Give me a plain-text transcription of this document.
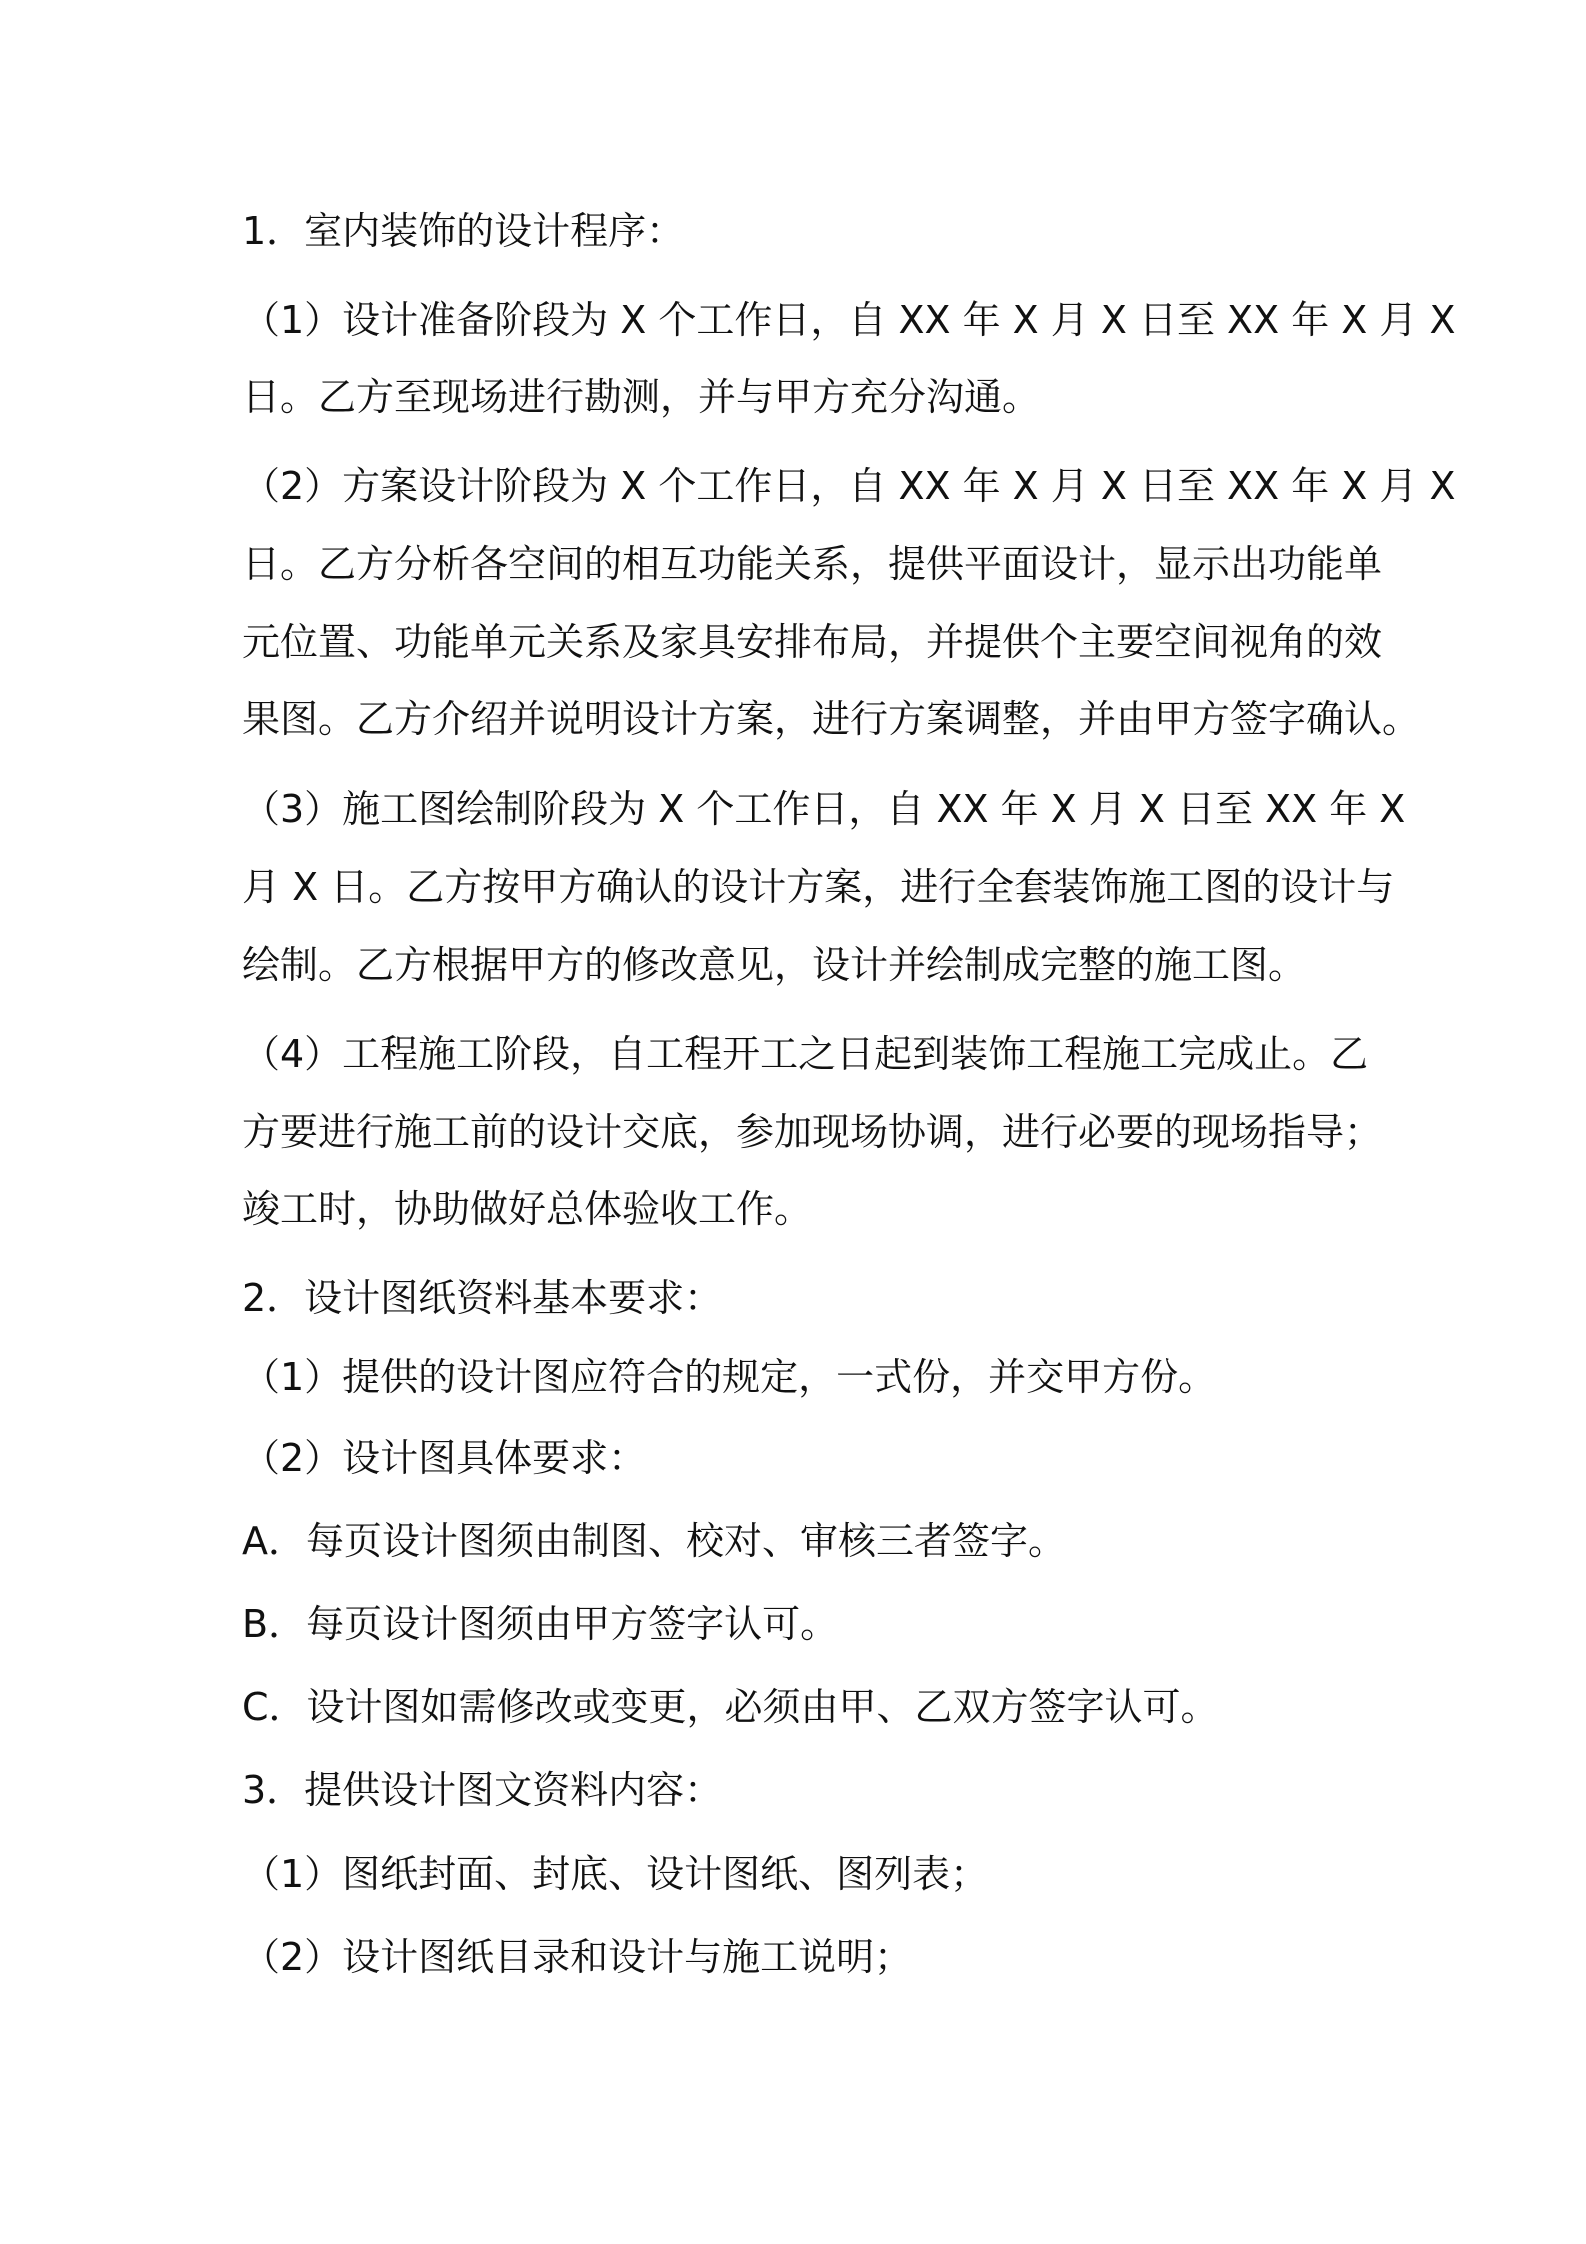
1．室内装饰的设计程序：
（1）设计准备阶段为 X 个工作日，自 XX 年 X 月 X 日至 XX 年 X 月 X
日。乙方至现场进行勘测，并与甲方充分沟通。
（2）方案设计阶段为 X 个工作日，自 XX 年 X 月 X 日至 XX 年 X 月 X
日。乙方分析各空间的相互功能关系，提供平面设计，显示出功能单
元位置、功能单元关系及家具安排布局，并提供个主要空间视角的效
果图。乙方介绍并说明设计方案，进行方案调整，并由甲方签字确认。
（3）施工图绘制阶段为 X 个工作日，自 XX 年 X 月 X 日至 XX 年 X
月 X 日。乙方按甲方确认的设计方案，进行全套装饰施工图的设计与
绘制。乙方根据甲方的修改意见，设计并绘制成完整的施工图。
（4）工程施工阶段，自工程开工之日起到装饰工程施工完成止。乙
方要进行施工前的设计交底，参加现场协调，进行必要的现场指导；
竣工时，协助做好总体验收工作。
2．设计图纸资料基本要求：
（1）提供的设计图应符合的规定，一式份，并交甲方份。
（2）设计图具体要求：
A．每页设计图须由制图、校对、审核三者签字。
B．每页设计图须由甲方签字认可。
C．设计图如需修改或变更，必须由甲、乙双方签字认可。
3．提供设计图文资料内容：
（1）图纸封面、封底、设计图纸、图列表；
（2）设计图纸目录和设计与施工说明；
